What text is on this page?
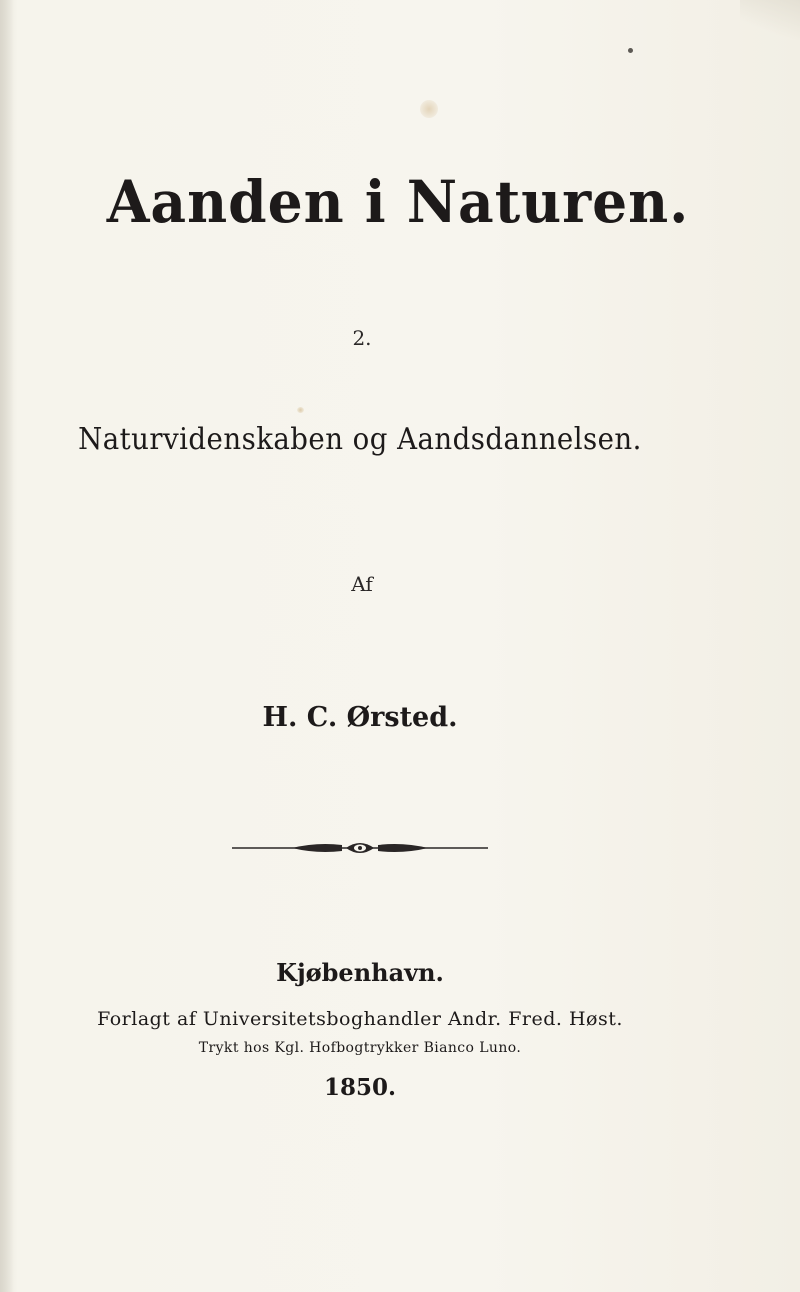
Aanden i Naturen.
2.
Naturvidenskaben og Aandsdannelsen.
Af
H. C. Ørsted.
Kjøbenhavn.
Forlagt af Universitetsboghandler Andr. Fred. Høst.
Trykt hos Kgl. Hofbogtrykker Bianco Luno.
1850.
